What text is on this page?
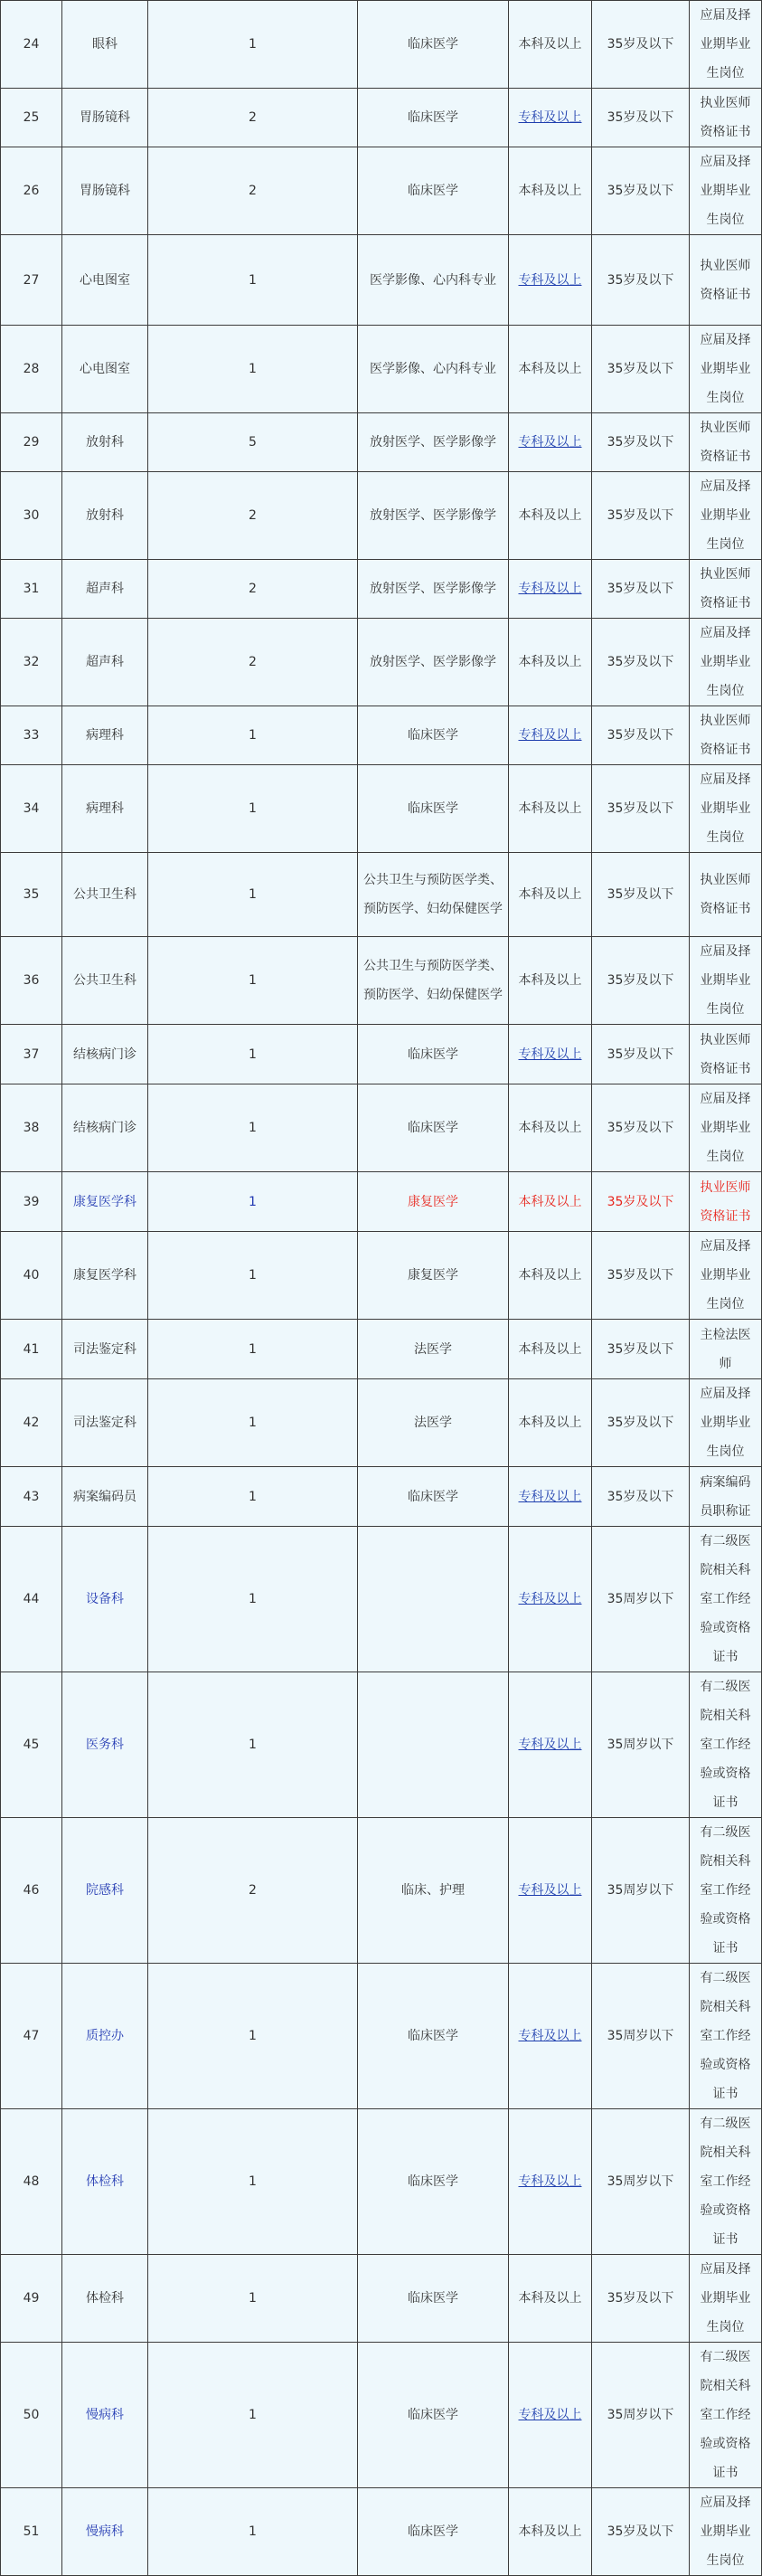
24	眼科	1	临床医学	本科及以上	35岁及以下	应届及择业期毕业生岗位
25	胃肠镜科	2	临床医学	专科及以上	35岁及以下	执业医师资格证书
26	胃肠镜科	2	临床医学	本科及以上	35岁及以下	应届及择业期毕业生岗位
27	心电图室	1	医学影像、心内科专业	专科及以上	35岁及以下	执业医师资格证书
28	心电图室	1	医学影像、心内科专业	本科及以上	35岁及以下	应届及择业期毕业生岗位
29	放射科	5	放射医学、医学影像学	专科及以上	35岁及以下	执业医师资格证书
30	放射科	2	放射医学、医学影像学	本科及以上	35岁及以下	应届及择业期毕业生岗位
31	超声科	2	放射医学、医学影像学	专科及以上	35岁及以下	执业医师资格证书
32	超声科	2	放射医学、医学影像学	本科及以上	35岁及以下	应届及择业期毕业生岗位
33	病理科	1	临床医学	专科及以上	35岁及以下	执业医师资格证书
34	病理科	1	临床医学	本科及以上	35岁及以下	应届及择业期毕业生岗位
35	公共卫生科	1	公共卫生与预防医学类、预防医学、妇幼保健医学	本科及以上	35岁及以下	执业医师资格证书
36	公共卫生科	1	公共卫生与预防医学类、预防医学、妇幼保健医学	本科及以上	35岁及以下	应届及择业期毕业生岗位
37	结核病门诊	1	临床医学	专科及以上	35岁及以下	执业医师资格证书
38	结核病门诊	1	临床医学	本科及以上	35岁及以下	应届及择业期毕业生岗位
39	康复医学科	1	康复医学	本科及以上	35岁及以下	执业医师资格证书
40	康复医学科	1	康复医学	本科及以上	35岁及以下	应届及择业期毕业生岗位
41	司法鉴定科	1	法医学	本科及以上	35岁及以下	主检法医师
42	司法鉴定科	1	法医学	本科及以上	35岁及以下	应届及择业期毕业生岗位
43	病案编码员	1	临床医学	专科及以上	35岁及以下	病案编码员职称证
44	设备科	1		专科及以上	35周岁以下	有二级医院相关科室工作经验或资格证书
45	医务科	1		专科及以上	35周岁以下	有二级医院相关科室工作经验或资格证书
46	院感科	2	临床、护理	专科及以上	35周岁以下	有二级医院相关科室工作经验或资格证书
47	质控办	1	临床医学	专科及以上	35周岁以下	有二级医院相关科室工作经验或资格证书
48	体检科	1	临床医学	专科及以上	35周岁以下	有二级医院相关科室工作经验或资格证书
49	体检科	1	临床医学	本科及以上	35岁及以下	应届及择业期毕业生岗位
50	慢病科	1	临床医学	专科及以上	35周岁以下	有二级医院相关科室工作经验或资格证书
51	慢病科	1	临床医学	本科及以上	35岁及以下	应届及择业期毕业生岗位
